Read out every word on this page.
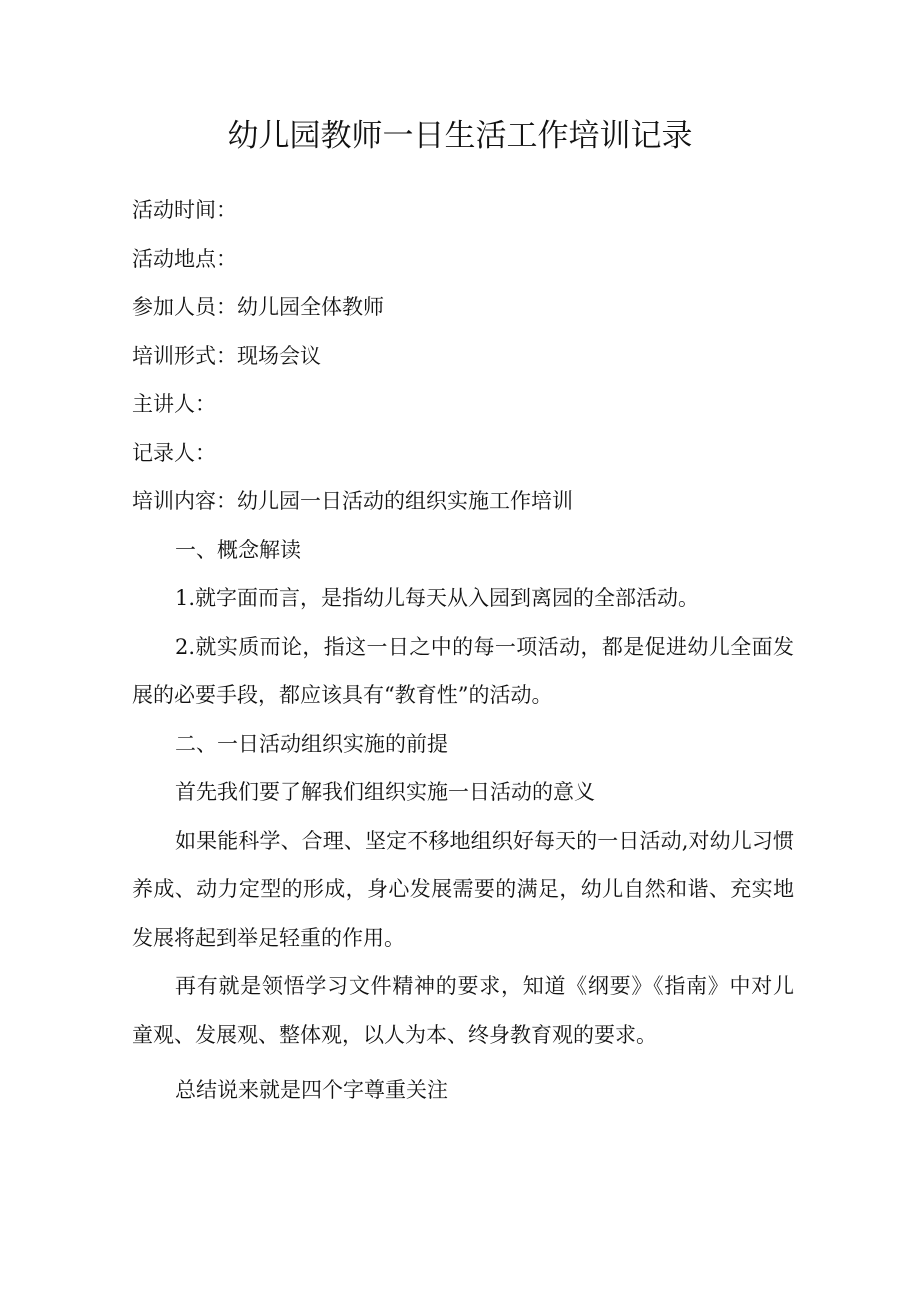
幼儿园教师一日生活工作培训记录

活动时间：

活动地点：

参加人员：幼儿园全体教师

培训形式：现场会议

主讲人：

记录人：

培训内容：幼儿园一日活动的组织实施工作培训

一、概念解读

1.就字面而言，是指幼儿每天从入园到离园的全部活动。

2.就实质而论，指这一日之中的每一项活动，都是促进幼儿全面发展的必要手段，都应该具有“教育性”的活动。

二、一日活动组织实施的前提

首先我们要了解我们组织实施一日活动的意义

如果能科学、合理、坚定不移地组织好每天的一日活动,对幼儿习惯养成、动力定型的形成，身心发展需要的满足，幼儿自然和谐、充实地发展将起到举足轻重的作用。

再有就是领悟学习文件精神的要求，知道《纲要》《指南》中对儿童观、发展观、整体观，以人为本、终身教育观的要求。

总结说来就是四个字尊重关注
